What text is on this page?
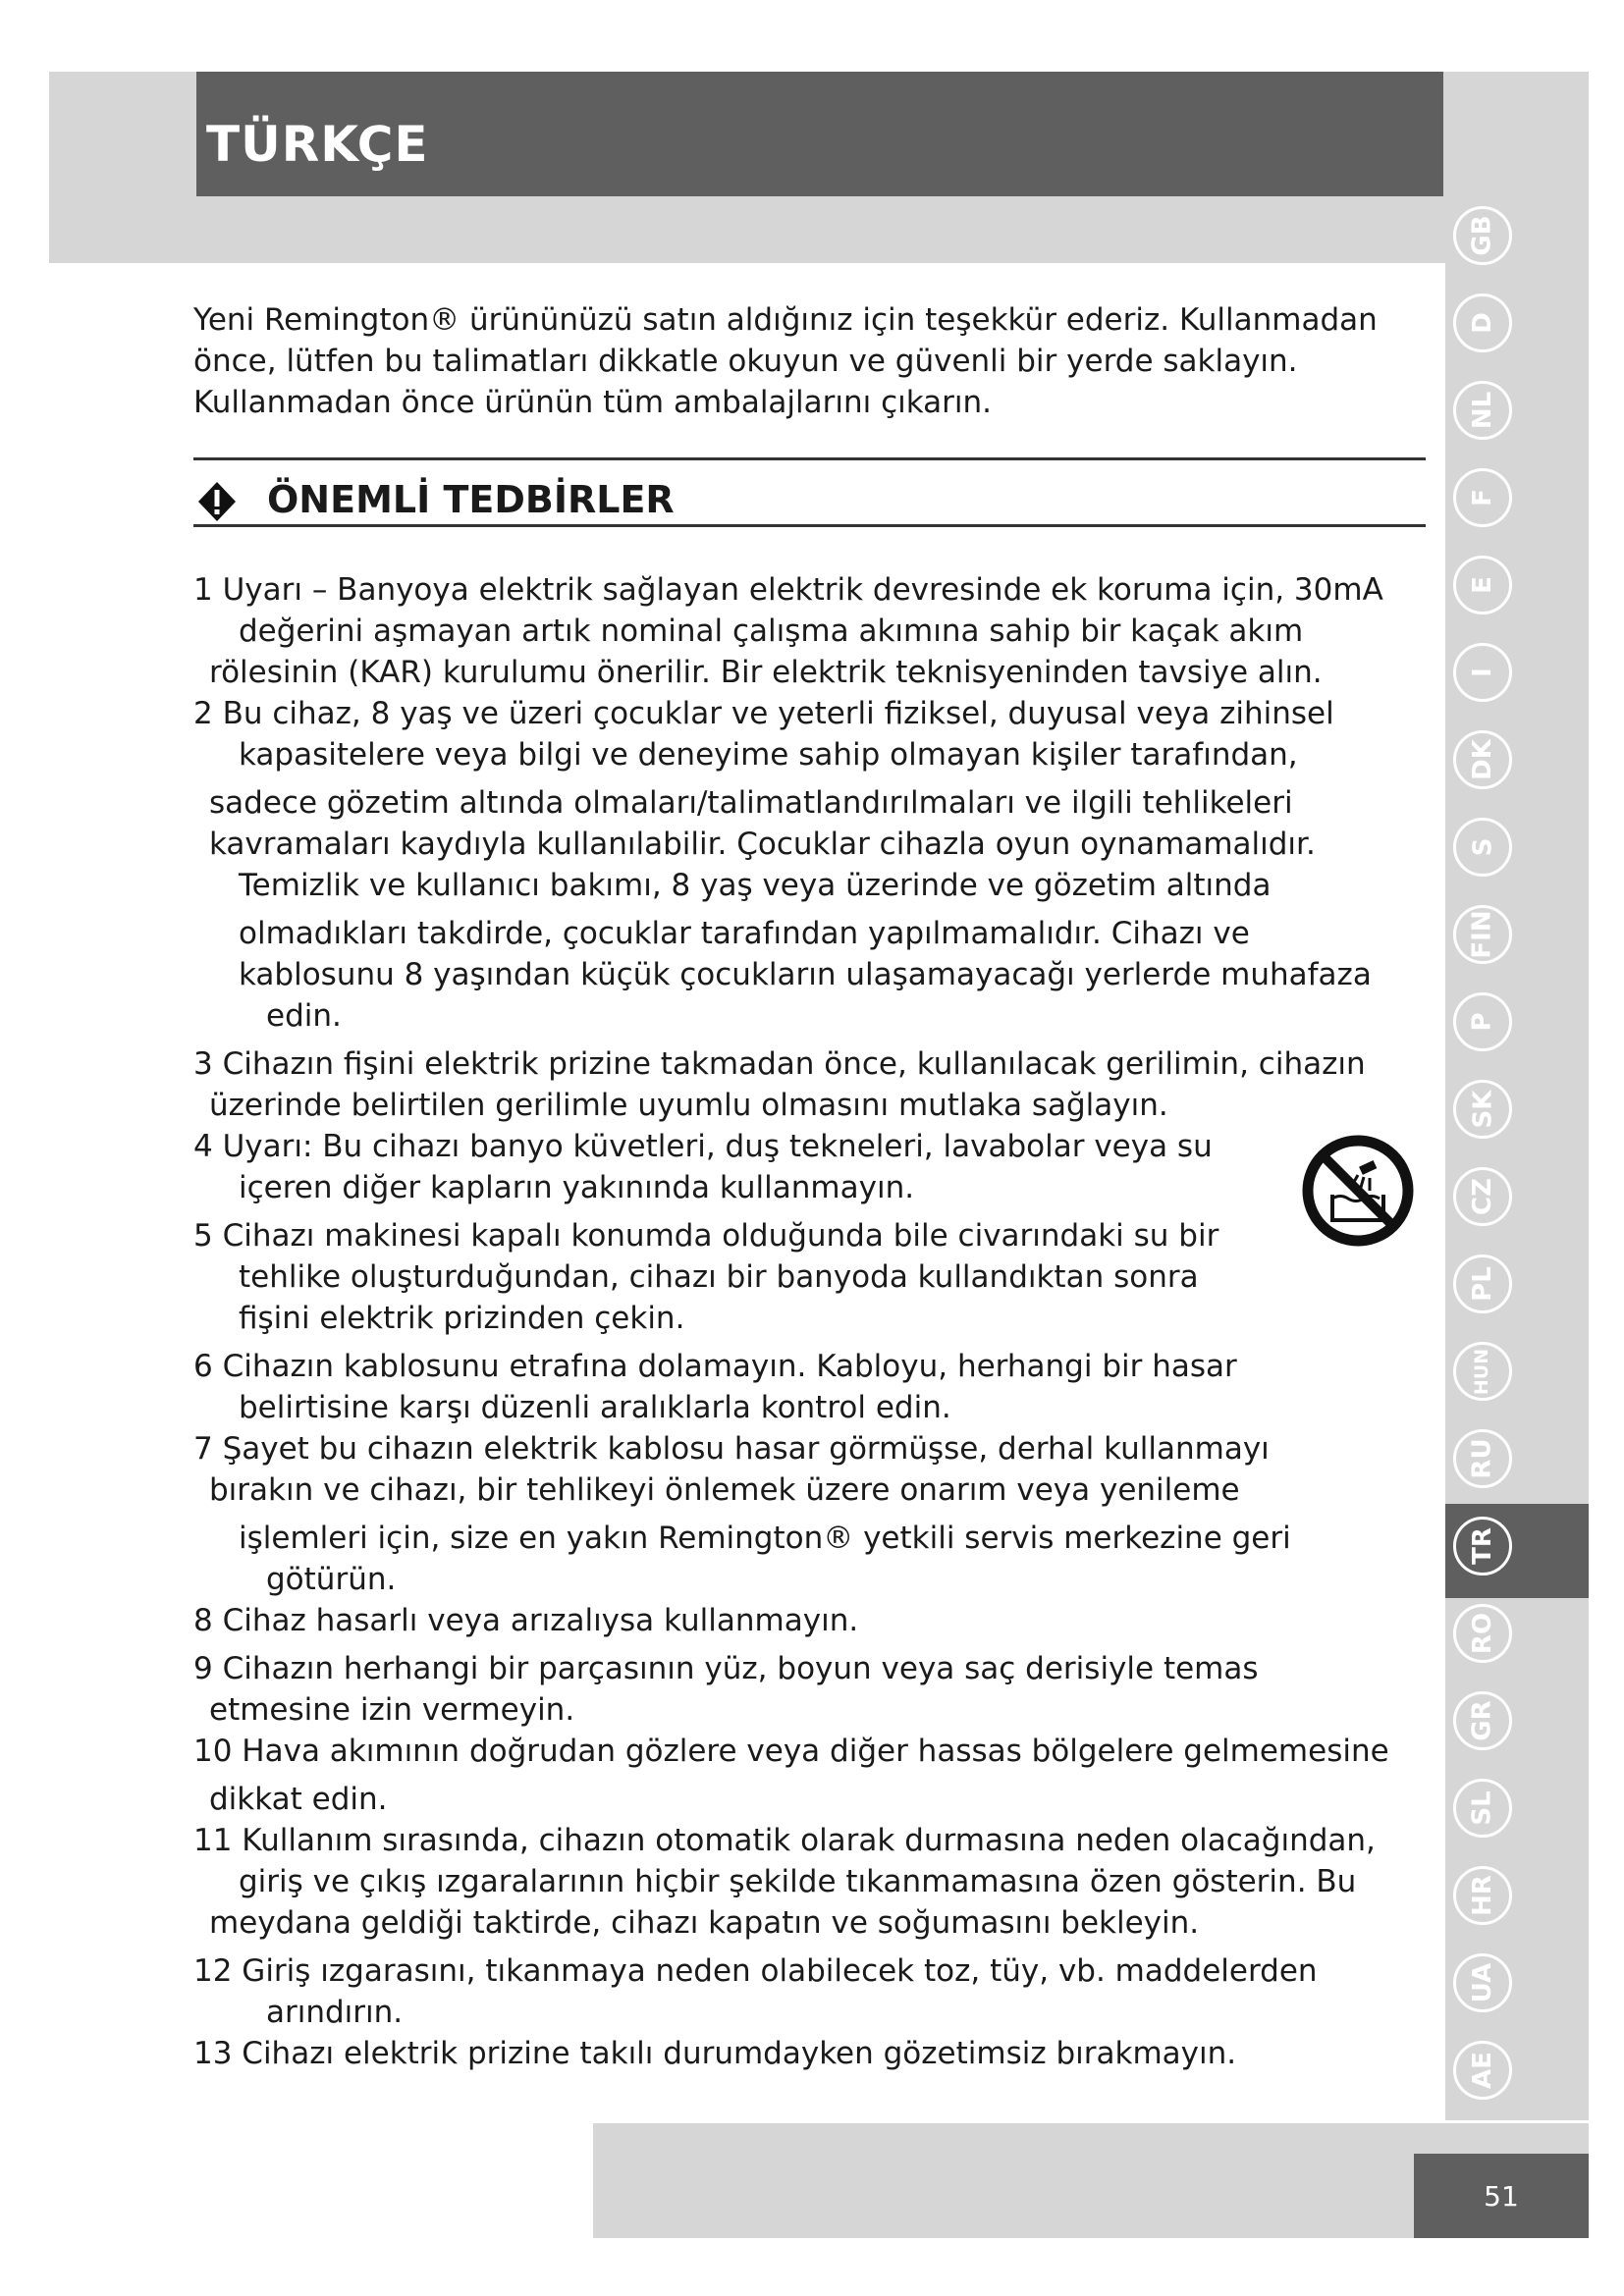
TÜRKÇE
51
Yeni Remington® ürününüzü satın aldığınız için teşekkür ederiz. Kullanmadan
önce, lütfen bu talimatları dikkatle okuyun ve güvenli bir yerde saklayın.
Kullanmadan önce ürünün tüm ambalajlarını çıkarın.
ÖNEMLİ TEDBİRLER
1 Uyarı – Banyoya elektrik sağlayan elektrik devresinde ek koruma için, 30mA
değerini aşmayan artık nominal çalışma akımına sahip bir kaçak akım
rölesinin (KAR) kurulumu önerilir. Bir elektrik teknisyeninden tavsiye alın.
2 Bu cihaz, 8 yaş ve üzeri çocuklar ve yeterli fiziksel, duyusal veya zihinsel
kapasitelere veya bilgi ve deneyime sahip olmayan kişiler tarafından,
sadece gözetim altında olmaları/talimatlandırılmaları ve ilgili tehlikeleri
kavramaları kaydıyla kullanılabilir. Çocuklar cihazla oyun oynamamalıdır.
Temizlik ve kullanıcı bakımı, 8 yaş veya üzerinde ve gözetim altında
olmadıkları takdirde, çocuklar tarafından yapılmamalıdır. Cihazı ve
kablosunu 8 yaşından küçük çocukların ulaşamayacağı yerlerde muhafaza
edin.
3 Cihazın fişini elektrik prizine takmadan önce, kullanılacak gerilimin, cihazın
üzerinde belirtilen gerilimle uyumlu olmasını mutlaka sağlayın.
4 Uyarı: Bu cihazı banyo küvetleri, duş tekneleri, lavabolar veya su
içeren diğer kapların yakınında kullanmayın.
5 Cihazı makinesi kapalı konumda olduğunda bile civarındaki su bir
tehlike oluşturduğundan, cihazı bir banyoda kullandıktan sonra
fişini elektrik prizinden çekin.
6 Cihazın kablosunu etrafına dolamayın. Kabloyu, herhangi bir hasar
belirtisine karşı düzenli aralıklarla kontrol edin.
7 Şayet bu cihazın elektrik kablosu hasar görmüşse, derhal kullanmayı
bırakın ve cihazı, bir tehlikeyi önlemek üzere onarım veya yenileme
işlemleri için, size en yakın Remington® yetkili servis merkezine geri
götürün.
8 Cihaz hasarlı veya arızalıysa kullanmayın.
9 Cihazın herhangi bir parçasının yüz, boyun veya saç derisiyle temas
etmesine izin vermeyin.
10 Hava akımının doğrudan gözlere veya diğer hassas bölgelere gelmemesine
dikkat edin.
11 Kullanım sırasında, cihazın otomatik olarak durmasına neden olacağından,
giriş ve çıkış ızgaralarının hiçbir şekilde tıkanmamasına özen gösterin. Bu
meydana geldiği taktirde, cihazı kapatın ve soğumasını bekleyin.
12 Giriş ızgarasını, tıkanmaya neden olabilecek toz, tüy, vb. maddelerden
arındırın.
13 Cihazı elektrik prizine takılı durumdayken gözetimsiz bırakmayın.
GB
D
NL
F
E
I
DK
S
FIN
P
SK
CZ
PL
HUN
RU
TR
RO
GR
SL
HR
UA
AE
